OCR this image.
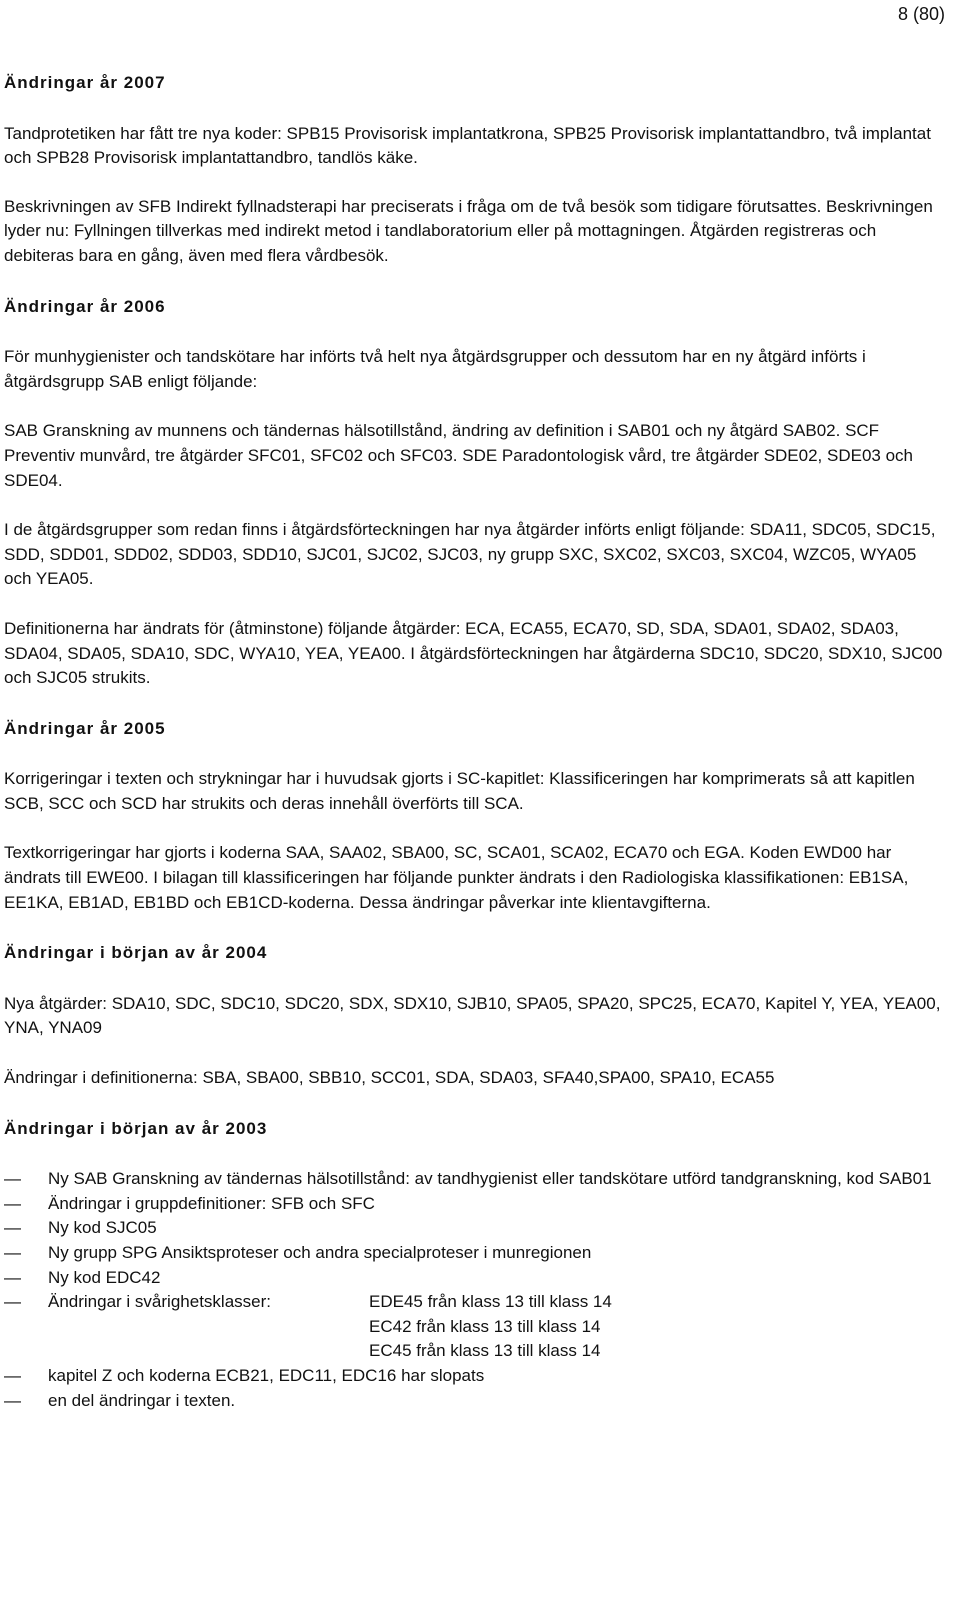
8 (80)
Ändringar år 2007

Tandprotetiken har fått tre nya koder: SPB15 Provisorisk implantatkrona, SPB25 Provisorisk implantattandbro, två implantat och SPB28 Provisorisk implantattandbro, tandlös käke.

Beskrivningen av SFB Indirekt fyllnadsterapi har preciserats i fråga om de två besök som tidigare förutsattes. Beskrivningen lyder nu: Fyllningen tillverkas med indirekt metod i tandlaboratorium eller på mottagningen. Åtgärden registreras och debiteras bara en gång, även med flera vårdbesök.

Ändringar år 2006

För munhygienister och tandskötare har införts två helt nya åtgärdsgrupper och dessutom har en ny åtgärd införts i åtgärdsgrupp SAB enligt följande:

SAB Granskning av munnens och tändernas hälsotillstånd, ändring av definition i SAB01 och ny åtgärd SAB02. SCF Preventiv munvård, tre åtgärder SFC01, SFC02 och SFC03. SDE Paradontologisk vård, tre åtgärder SDE02, SDE03 och SDE04.

I de åtgärdsgrupper som redan finns i åtgärdsförteckningen har nya åtgärder införts enligt följande: SDA11, SDC05, SDC15, SDD, SDD01, SDD02, SDD03, SDD10, SJC01, SJC02, SJC03, ny grupp SXC, SXC02, SXC03, SXC04, WZC05, WYA05 och YEA05.

Definitionerna har ändrats för (åtminstone) följande åtgärder: ECA, ECA55, ECA70, SD, SDA, SDA01, SDA02, SDA03, SDA04, SDA05, SDA10, SDC, WYA10, YEA, YEA00. I åtgärdsförteckningen har åtgärderna SDC10, SDC20, SDX10, SJC00 och SJC05 strukits.

Ändringar år 2005

Korrigeringar i texten och strykningar har i huvudsak gjorts i SC-kapitlet: Klassificeringen har komprimerats så att kapitlen SCB, SCC och SCD har strukits och deras innehåll överförts till SCA.

Textkorrigeringar har gjorts i koderna SAA, SAA02, SBA00, SC, SCA01, SCA02, ECA70 och EGA. Koden EWD00 har ändrats till EWE00. I bilagan till klassificeringen har följande punkter ändrats i den Radiologiska klassifikationen: EB1SA, EE1KA, EB1AD, EB1BD och EB1CD-koderna. Dessa ändringar påverkar inte klientavgifterna.

Ändringar i början av år 2004

Nya åtgärder: SDA10, SDC, SDC10, SDC20, SDX, SDX10, SJB10, SPA05, SPA20, SPC25, ECA70, Kapitel Y, YEA, YEA00, YNA, YNA09

Ändringar i definitionerna: SBA, SBA00, SBB10, SCC01, SDA, SDA03, SFA40,SPA00, SPA10, ECA55

Ändringar i början av år 2003
— Ny SAB Granskning av tändernas hälsotillstånd: av tandhygienist eller tandskötare utförd tandgranskning, kod SAB01
— Ändringar i gruppdefinitioner: SFB och SFC
— Ny kod SJC05
— Ny grupp SPG Ansiktsproteser och andra specialproteser i munregionen
— Ny kod EDC42
— Ändringar i svårighetsklasser:	EDE45 från klass 13 till klass 14
EC42 från klass 13 till klass 14
EC45 från klass 13 till klass 14
— kapitel Z och koderna ECB21, EDC11, EDC16 har slopats
— en del ändringar i texten.
